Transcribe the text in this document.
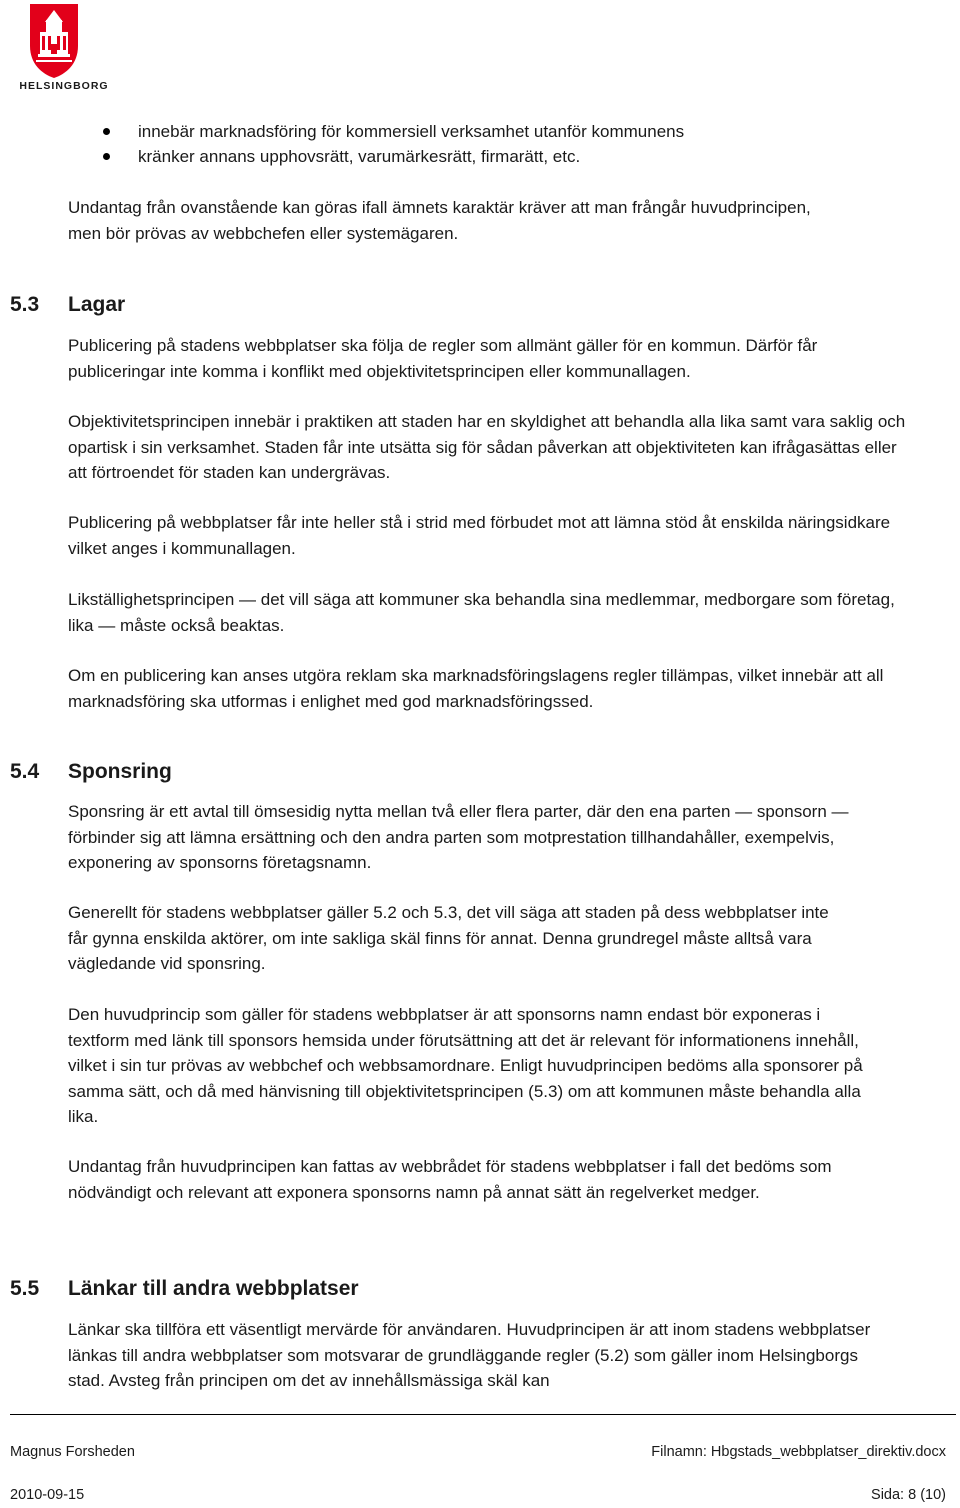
HELSINGBORG
innebär marknadsföring för kommersiell verksamhet utanför kommunens
kränker annans upphovsrätt, varumärkesrätt, firmarätt, etc.

Undantag från ovanstående kan göras ifall ämnets karaktär kräver att man frångår huvudprincipen, men bör prövas av webbchefen eller systemägaren.

5.3 Lagar

Publicering på stadens webbplatser ska följa de regler som allmänt gäller för en kommun. Därför får publiceringar inte komma i konflikt med objektivitetsprincipen eller kommunallagen.

Objektivitetsprincipen innebär i praktiken att staden har en skyldighet att behandla alla lika samt vara saklig och opartisk i sin verksamhet. Staden får inte utsätta sig för sådan påverkan att objektiviteten kan ifrågasättas eller att förtroendet för staden kan undergrävas.

Publicering på webbplatser får inte heller stå i strid med förbudet mot att lämna stöd åt enskilda näringsidkare vilket anges i kommunallagen.

Likställighetsprincipen — det vill säga att kommuner ska behandla sina medlemmar, medborgare som företag, lika — måste också beaktas.

Om en publicering kan anses utgöra reklam ska marknadsföringslagens regler tillämpas, vilket innebär att all marknadsföring ska utformas i enlighet med god marknadsföringssed.

5.4 Sponsring

Sponsring är ett avtal till ömsesidig nytta mellan två eller flera parter, där den ena parten — sponsorn — förbinder sig att lämna ersättning och den andra parten som motprestation tillhandahåller, exempelvis, exponering av sponsorns företagsnamn.

Generellt för stadens webbplatser gäller 5.2 och 5.3, det vill säga att staden på dess webbplatser inte får gynna enskilda aktörer, om inte sakliga skäl finns för annat. Denna grundregel måste alltså vara vägledande vid sponsring.

Den huvudprincip som gäller för stadens webbplatser är att sponsorns namn endast bör exponeras i textform med länk till sponsors hemsida under förutsättning att det är relevant för informationens innehåll, vilket i sin tur prövas av webbchef och webbsamordnare. Enligt huvudprincipen bedöms alla sponsorer på samma sätt, och då med hänvisning till objektivitetsprincipen (5.3) om att kommunen måste behandla alla lika.

Undantag från huvudprincipen kan fattas av webbrådet för stadens webbplatser i fall det bedöms som nödvändigt och relevant att exponera sponsorns namn på annat sätt än regelverket medger.

5.5 Länkar till andra webbplatser

Länkar ska tillföra ett väsentligt mervärde för användaren. Huvudprincipen är att inom stadens webbplatser länkas till andra webbplatser som motsvarar de grundläggande regler (5.2) som gäller inom Helsingborgs stad. Avsteg från principen om det av innehållsmässiga skäl kan

Magnus Forsheden	Filnamn: Hbgstads_webbplatser_direktiv.docx
2010-09-15	Sida: 8 (10)
